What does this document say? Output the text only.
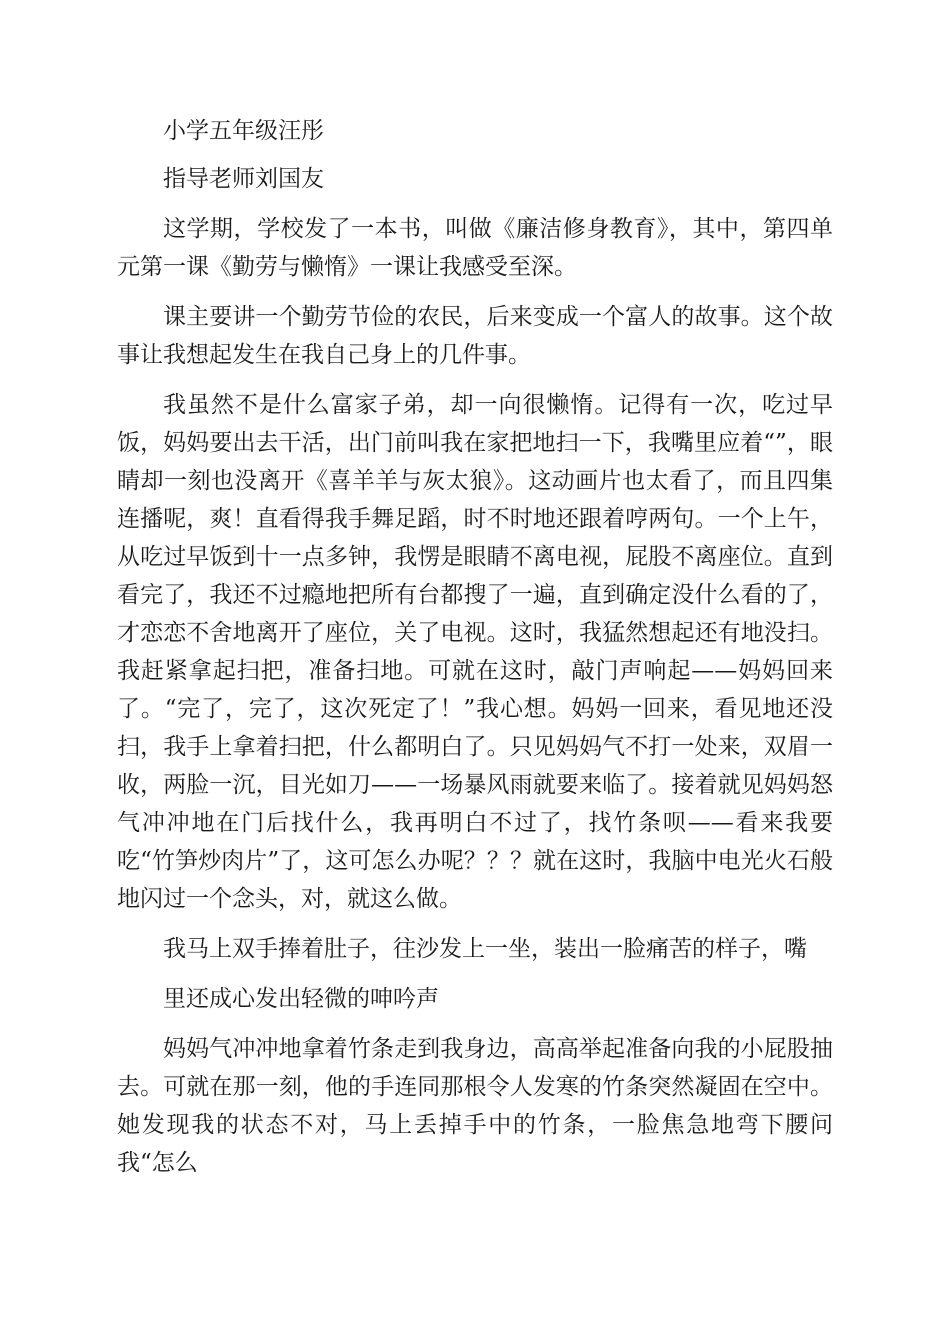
小学五年级汪彤

指导老师刘国友

这学期，学校发了一本书，叫做《廉洁修身教育》，其中，第四单元第一课《勤劳与懒惰》一课让我感受至深。

课主要讲一个勤劳节俭的农民，后来变成一个富人的故事。这个故事让我想起发生在我自己身上的几件事。

我虽然不是什么富家子弟，却一向很懒惰。记得有一次，吃过早饭，妈妈要出去干活，出门前叫我在家把地扫一下，我嘴里应着“”，眼睛却一刻也没离开《喜羊羊与灰太狼》。这动画片也太看了，而且四集连播呢，爽！直看得我手舞足蹈，时不时地还跟着哼两句。一个上午，从吃过早饭到十一点多钟，我愣是眼睛不离电视，屁股不离座位。直到看完了，我还不过瘾地把所有台都搜了一遍，直到确定没什么看的了，才恋恋不舍地离开了座位，关了电视。这时，我猛然想起还有地没扫。我赶紧拿起扫把，准备扫地。可就在这时，敲门声响起——妈妈回来了。“完了，完了，这次死定了！”我心想。妈妈一回来，看见地还没扫，我手上拿着扫把，什么都明白了。只见妈妈气不打一处来，双眉一收，两脸一沉，目光如刀——一场暴风雨就要来临了。接着就见妈妈怒气冲冲地在门后找什么，我再明白不过了，找竹条呗——看来我要吃“竹笋炒肉片”了，这可怎么办呢？？？就在这时，我脑中电光火石般地闪过一个念头，对，就这么做。

我马上双手捧着肚子，往沙发上一坐，装出一脸痛苦的样子，嘴

里还成心发出轻微的呻吟声

妈妈气冲冲地拿着竹条走到我身边，高高举起准备向我的小屁股抽去。可就在那一刻，他的手连同那根令人发寒的竹条突然凝固在空中。她发现我的状态不对，马上丢掉手中的竹条，一脸焦急地弯下腰问我“怎么
